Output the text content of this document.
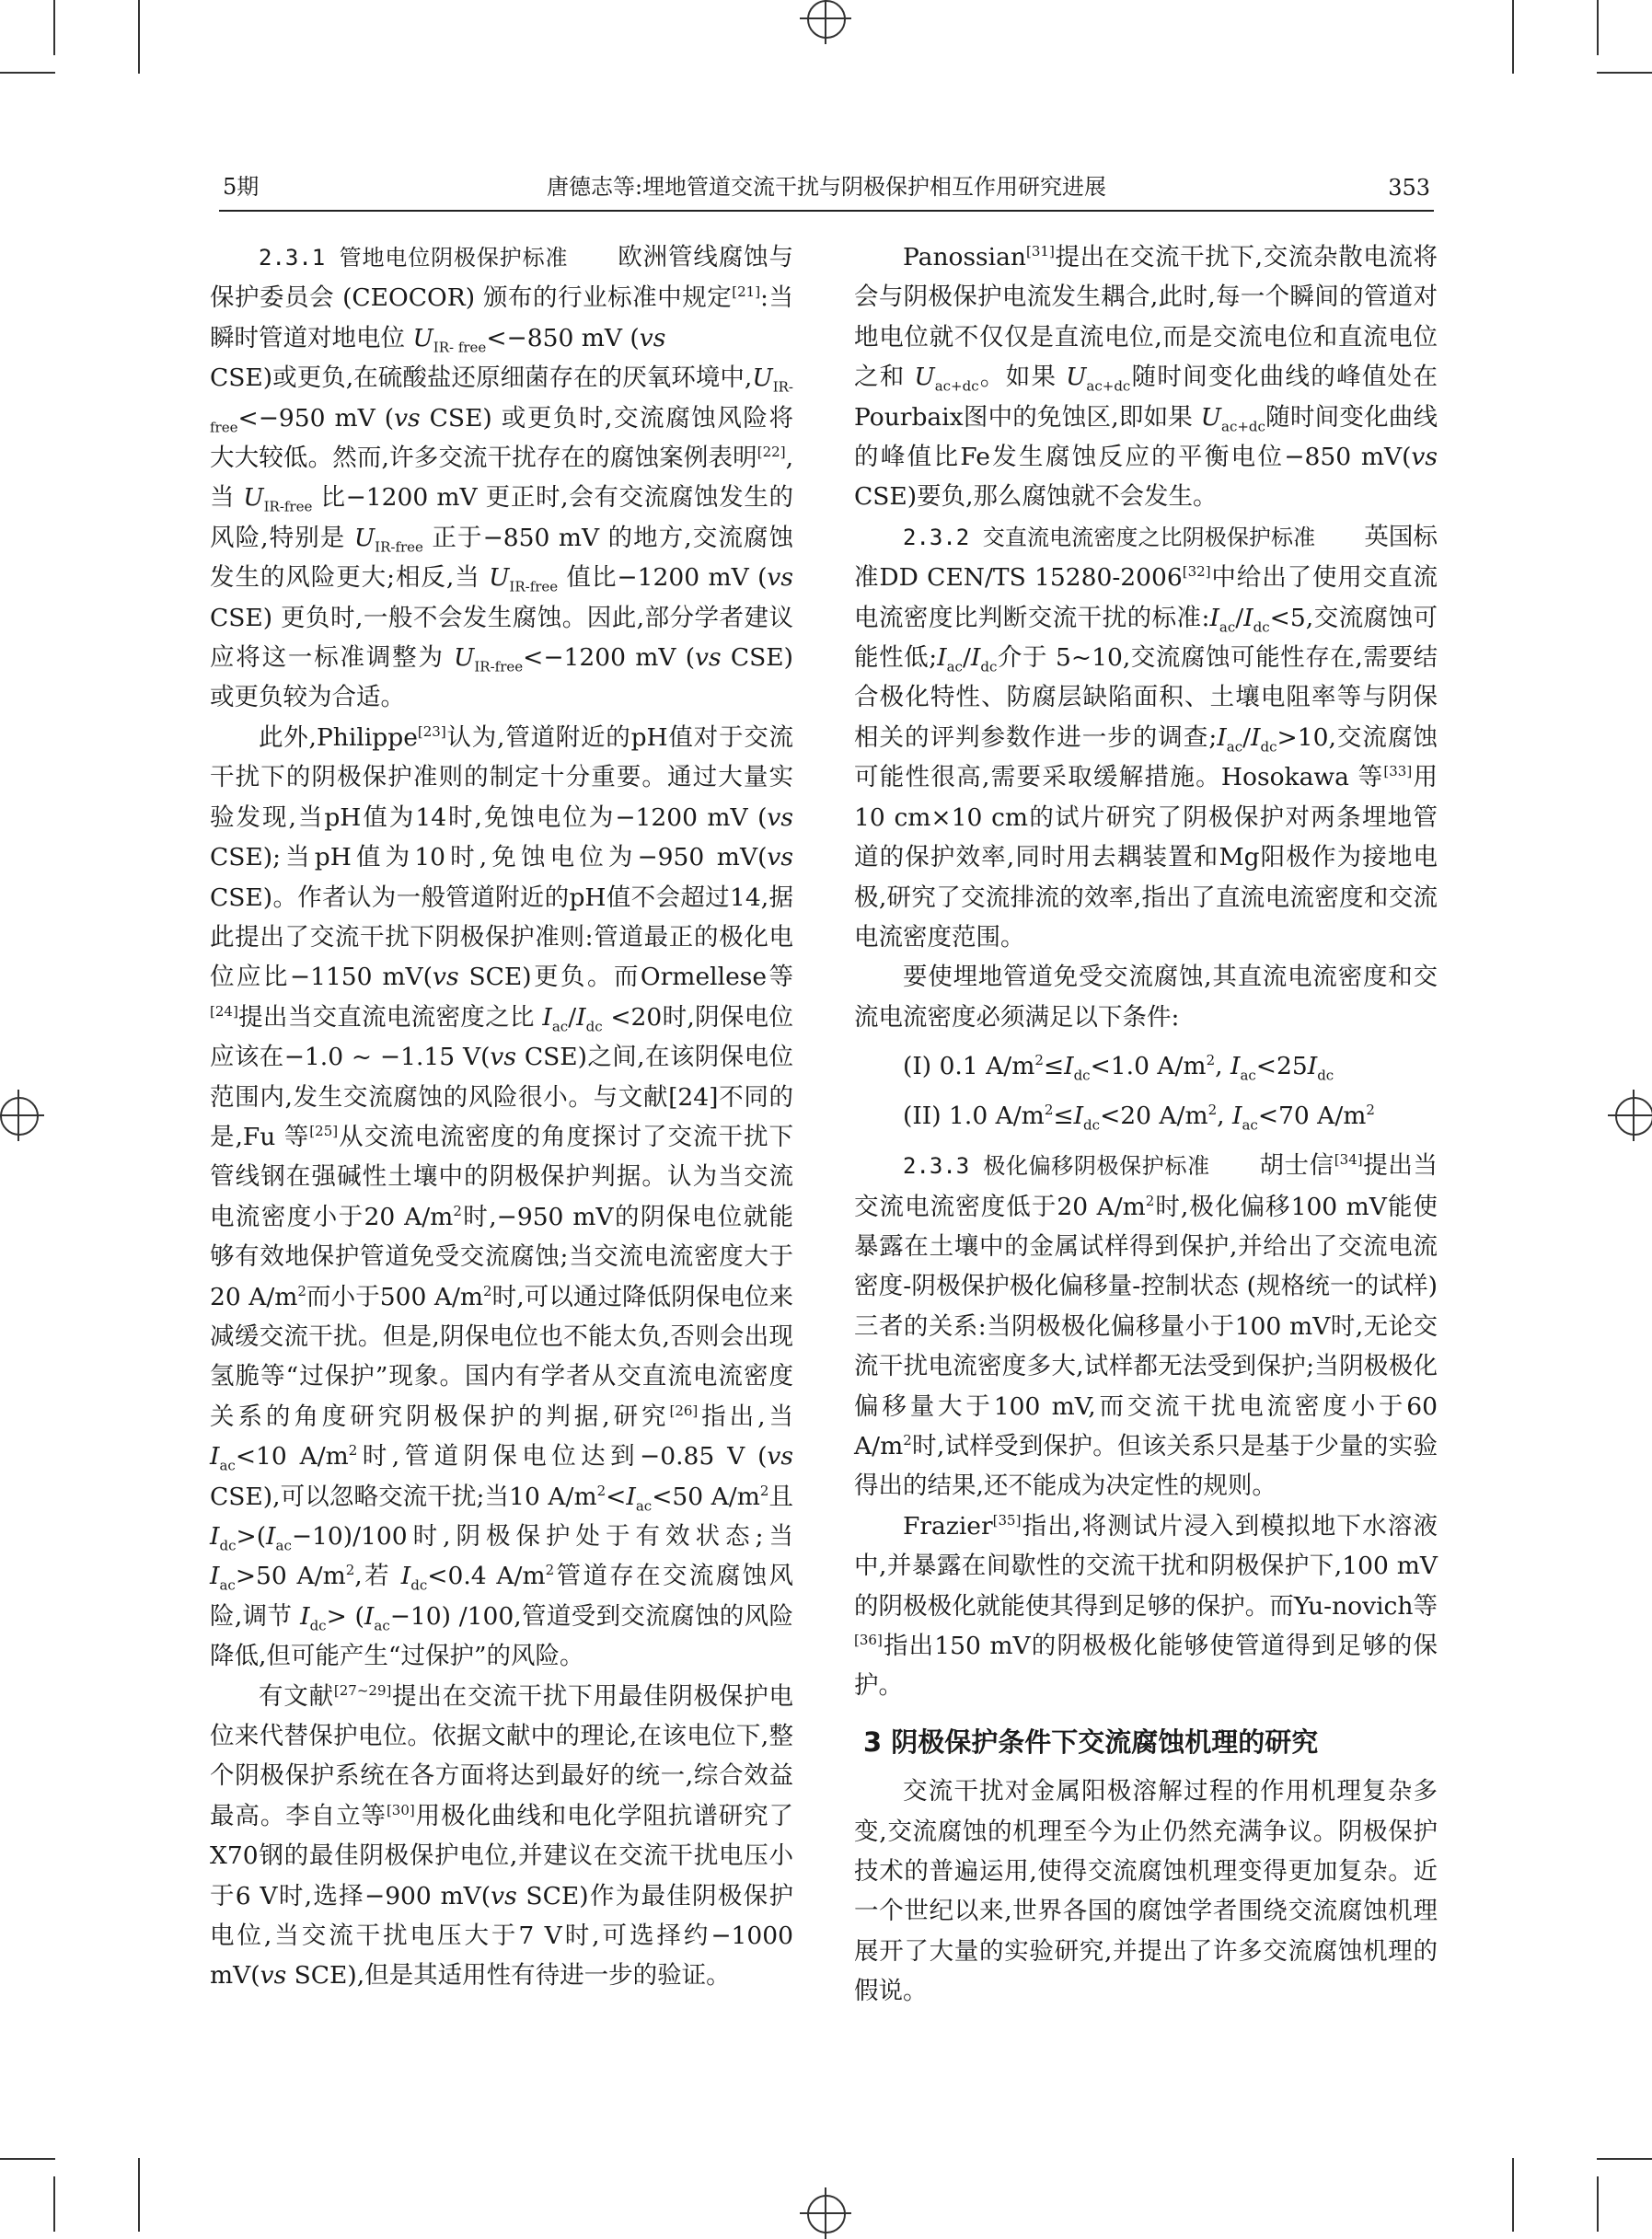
5期	唐德志等:埋地管道交流干扰与阴极保护相互作用研究进展	353

2.3.1 管地电位阴极保护标准   欧洲管线腐蚀与保护委员会 (CEOCOR) 颁布的行业标准中规定[21]:当瞬时管道对地电位 $U_{IR- free}<-850$ mV (vs
CSE)或更负,在硫酸盐还原细菌存在的厌氧环境中$,U_{IR-free}<-950$ mV (vs CSE) 或更负时,交流腐蚀风险将大大较低。然而,许多交流干扰存在的腐蚀案例表明[22],当 $U_{IR-free}$ 比−1200 mV 更正时,会有交流腐蚀发生的风险,特别是 $U_{IR-free}$ 正于−850 mV 的地方,交流腐蚀发生的风险更大;相反,当 $U_{IR-free}$ 值比−1200 mV (vs CSE) 更负时,一般不会发生腐蚀。因此,部分学者建议应将这一标准调整为 $U_{IR-free}<-1200$ mV (vs CSE) 或更负较为合适。

此外,Philippe[23]认为,管道附近的pH值对于交流干扰下的阴极保护准则的制定十分重要。通过大量实验发现,当pH值为14时,免蚀电位为−1200 mV (vs CSE);当pH值为10时,免蚀电位为−950 mV(vs CSE)。作者认为一般管道附近的pH值不会超过14,据此提出了交流干扰下阴极保护准则:管道最正的极化电位应比−1150 mV(vs SCE)更负。而Ormellese等[24]提出当交直流电流密度之比 $I_{ac}/I_{dc} <20$时,阴保电位应该在−1.0 ~ −1.15 V(vs CSE)之间,在该阴保电位范围内,发生交流腐蚀的风险很小。与文献[24]不同的是,Fu 等[25]从交流电流密度的角度探讨了交流干扰下管线钢在强碱性土壤中的阴极保护判据。认为当交流电流密度小于20 $A/m^2$时,−950 mV的阴保电位就能够有效地保护管道免受交流腐蚀;当交流电流密度大于20 $A/m^2$而小于500 $A/m^2$时,可以通过降低阴保电位来减缓交流干扰。但是,阴保电位也不能太负,否则会出现氢脆等“过保护”现象。国内有学者从交直流电流密度关系的角度研究阴极保护的判据,研究[26]指出,当 $I_{ac}<10$ $A/m^2$时,管道阴保电位达到−0.85 V (vs CSE),可以忽略交流干扰;当10 $A/m^2<I_{ac}<50$ $A/m^2$且 $I_{dc}>(I_{ac}-10)/100$时,阴极保护处于有效状态;当 $I_{ac}>50$ $A/m^2$,若 $I_{dc}<0.4$ $A/m^2$管道存在交流腐蚀风险,调节 $I_{dc}> (I_{ac}-10)$ /100,管道受到交流腐蚀的风险降低,但可能产生“过保护”的风险。

有文献[27~29]提出在交流干扰下用最佳阴极保护电位来代替保护电位。依据文献中的理论,在该电位下,整个阴极保护系统在各方面将达到最好的统一,综合效益最高。李自立等[30]用极化曲线和电化学阻抗谱研究了X70钢的最佳阴极保护电位,并建议在交流干扰电压小于6 V时,选择−900 mV(vs SCE)作为最佳阴极保护电位,当交流干扰电压大于7 V时,可选择约−1000 mV(vs SCE),但是其适用性有待进一步的验证。

Panossian[31]提出在交流干扰下,交流杂散电流将会与阴极保护电流发生耦合,此时,每一个瞬间的管道对地电位就不仅仅是直流电位,而是交流电位和直流电位之和 $U_{ac+dc}$。如果 $U_{ac+dc}$随时间变化曲线的峰值处在Pourbaix图中的免蚀区,即如果 $U_{ac+dc}$随时间变化曲线的峰值比Fe发生腐蚀反应的平衡电位−850 mV(vs CSE)要负,那么腐蚀就不会发生。

2.3.2 交直流电流密度之比阴极保护标准   英国标准DD CEN/TS 15280-2006[32]中给出了使用交直流电流密度比判断交流干扰的标准$:I_{ac}/I_{dc}<5$,交流腐蚀可能性低$;I_{ac}/I_{dc}$介于 5~10,交流腐蚀可能性存在,需要结合极化特性、防腐层缺陷面积、土壤电阻率等与阴保相关的评判参数作进一步的调查$;I_{ac}/I_{dc}>10$,交流腐蚀可能性很高,需要采取缓解措施。Hosokawa 等[33]用10 cm×10 cm的试片研究了阴极保护对两条埋地管道的保护效率,同时用去耦装置和Mg阳极作为接地电极,研究了交流排流的效率,指出了直流电流密度和交流电流密度范围。

要使埋地管道免受交流腐蚀,其直流电流密度和交流电流密度必须满足以下条件:

(I) 0.1 $A/m^2\le I_{dc}<1.0$ $A/m^2$, $I_{ac}<25I_{dc}$

(II) 1.0 $A/m^2\le I_{dc}<20$ $A/m^2$, $I_{ac}<70$ $A/m^2$

2.3.3 极化偏移阴极保护标准   胡士信[34]提出当交流电流密度低于20 $A/m^2$时,极化偏移100 mV能使暴露在土壤中的金属试样得到保护,并给出了交流电流密度-阴极保护极化偏移量-控制状态 (规格统一的试样) 三者的关系:当阴极极化偏移量小于100 mV时,无论交流干扰电流密度多大,试样都无法受到保护;当阴极极化偏移量大于100 mV,而交流干扰电流密度小于60 $A/m^2$时,试样受到保护。但该关系只是基于少量的实验得出的结果,还不能成为决定性的规则。

Frazier[35]指出,将测试片浸入到模拟地下水溶液中,并暴露在间歇性的交流干扰和阴极保护下,100 mV的阴极极化就能使其得到足够的保护。而Yu-novich等[36]指出150 mV的阴极极化能够使管道得到足够的保护。

3 阴极保护条件下交流腐蚀机理的研究

交流干扰对金属阳极溶解过程的作用机理复杂多变,交流腐蚀的机理至今为止仍然充满争议。阴极保护技术的普遍运用,使得交流腐蚀机理变得更加复杂。近一个世纪以来,世界各国的腐蚀学者围绕交流腐蚀机理展开了大量的实验研究,并提出了许多交流腐蚀机理的假说。
